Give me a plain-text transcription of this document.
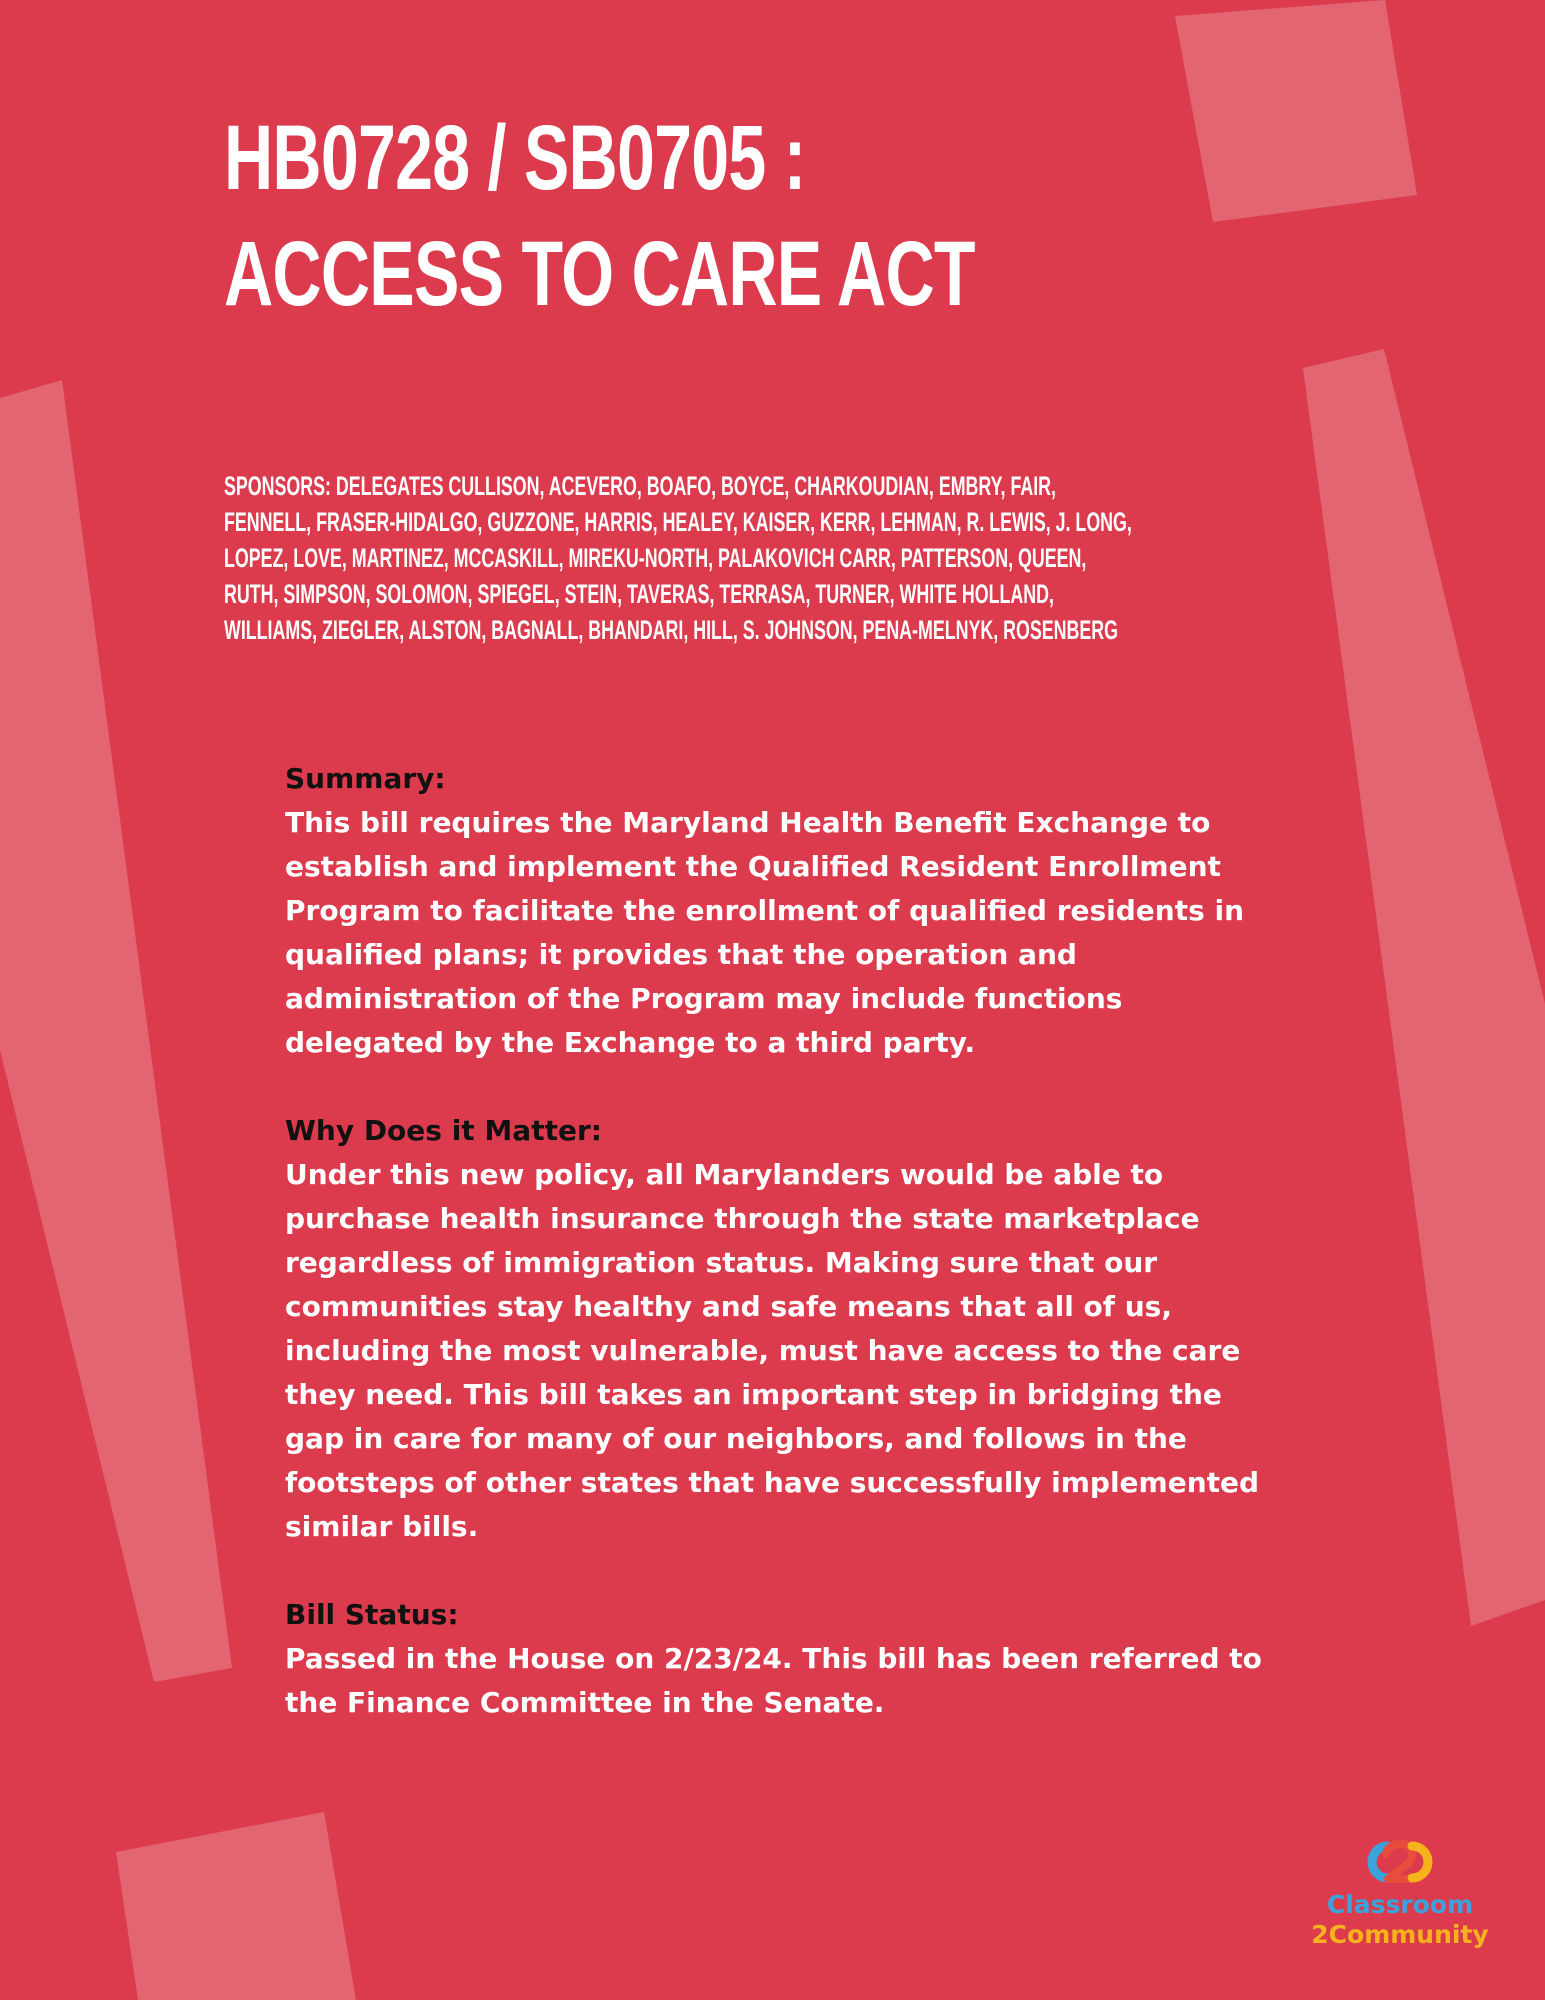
HB0728 / SB0705 : ACCESS TO CARE ACT

SPONSORS: DELEGATES CULLISON, ACEVERO, BOAFO, BOYCE, CHARKOUDIAN, EMBRY, FAIR, FENNELL, FRASER-HIDALGO, GUZZONE, HARRIS, HEALEY, KAISER, KERR, LEHMAN, R. LEWIS, J. LONG, LOPEZ, LOVE, MARTINEZ, MCCASKILL, MIREKU-NORTH, PALAKOVICH CARR, PATTERSON, QUEEN, RUTH, SIMPSON, SOLOMON, SPIEGEL, STEIN, TAVERAS, TERRASA, TURNER, WHITE HOLLAND, WILLIAMS, ZIEGLER, ALSTON, BAGNALL, BHANDARI, HILL, S. JOHNSON, PENA-MELNYK, ROSENBERG

Summary:

This bill requires the Maryland Health Benefit Exchange to establish and implement the Qualified Resident Enrollment Program to facilitate the enrollment of qualified residents in qualified plans; it provides that the operation and administration of the Program may include functions delegated by the Exchange to a third party.

Why Does it Matter:

Under this new policy, all Marylanders would be able to purchase health insurance through the state marketplace regardless of immigration status. Making sure that our communities stay healthy and safe means that all of us, including the most vulnerable, must have access to the care they need. This bill takes an important step in bridging the gap in care for many of our neighbors, and follows in the footsteps of other states that have successfully implemented similar bills.

Bill Status:

Passed in the House on 2/23/24. This bill has been referred to the Finance Committee in the Senate.

Classroom
2Community
